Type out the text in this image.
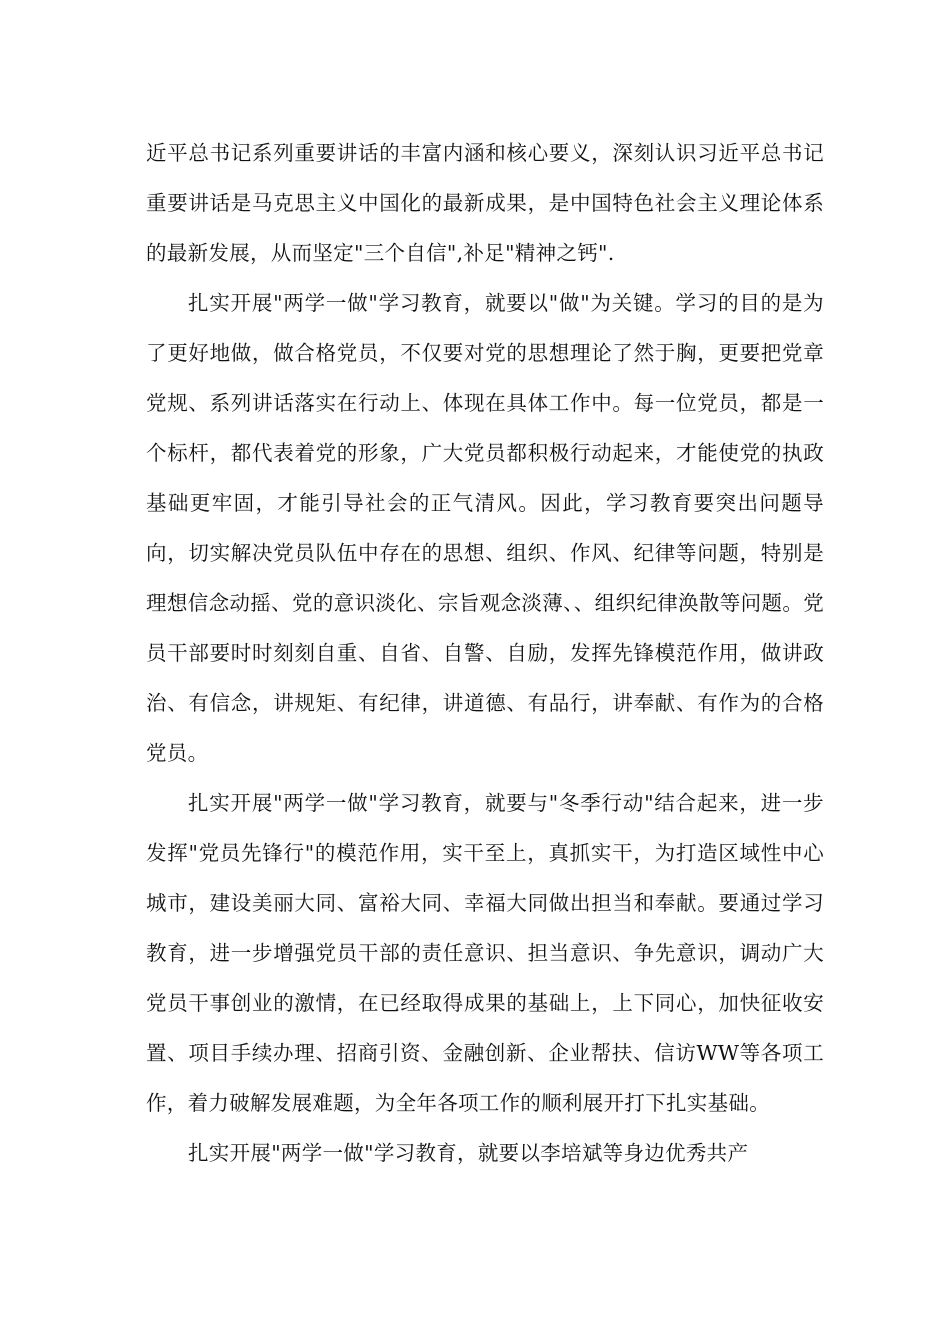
近平总书记系列重要讲话的丰富内涵和核心要义，深刻认识习近平总书记重要讲话是马克思主义中国化的最新成果，是中国特色社会主义理论体系的最新发展，从而坚定"三个自信",补足"精神之钙".

扎实开展"两学一做"学习教育，就要以"做"为关键。学习的目的是为了更好地做，做合格党员，不仅要对党的思想理论了然于胸，更要把党章党规、系列讲话落实在行动上、体现在具体工作中。每一位党员，都是一个标杆，都代表着党的形象，广大党员都积极行动起来，才能使党的执政基础更牢固，才能引导社会的正气清风。因此，学习教育要突出问题导向，切实解决党员队伍中存在的思想、组织、作风、纪律等问题，特别是理想信念动摇、党的意识淡化、宗旨观念淡薄、、组织纪律涣散等问题。党员干部要时时刻刻自重、自省、自警、自励，发挥先锋模范作用，做讲政治、有信念，讲规矩、有纪律，讲道德、有品行，讲奉献、有作为的合格党员。

扎实开展"两学一做"学习教育，就要与"冬季行动"结合起来，进一步发挥"党员先锋行"的模范作用，实干至上，真抓实干，为打造区域性中心城市，建设美丽大同、富裕大同、幸福大同做出担当和奉献。要通过学习教育，进一步增强党员干部的责任意识、担当意识、争先意识，调动广大党员干事创业的激情，在已经取得成果的基础上，上下同心，加快征收安置、项目手续办理、招商引资、金融创新、企业帮扶、信访WW等各项工作，着力破解发展难题，为全年各项工作的顺利展开打下扎实基础。

扎实开展"两学一做"学习教育，就要以李培斌等身边优秀共产
